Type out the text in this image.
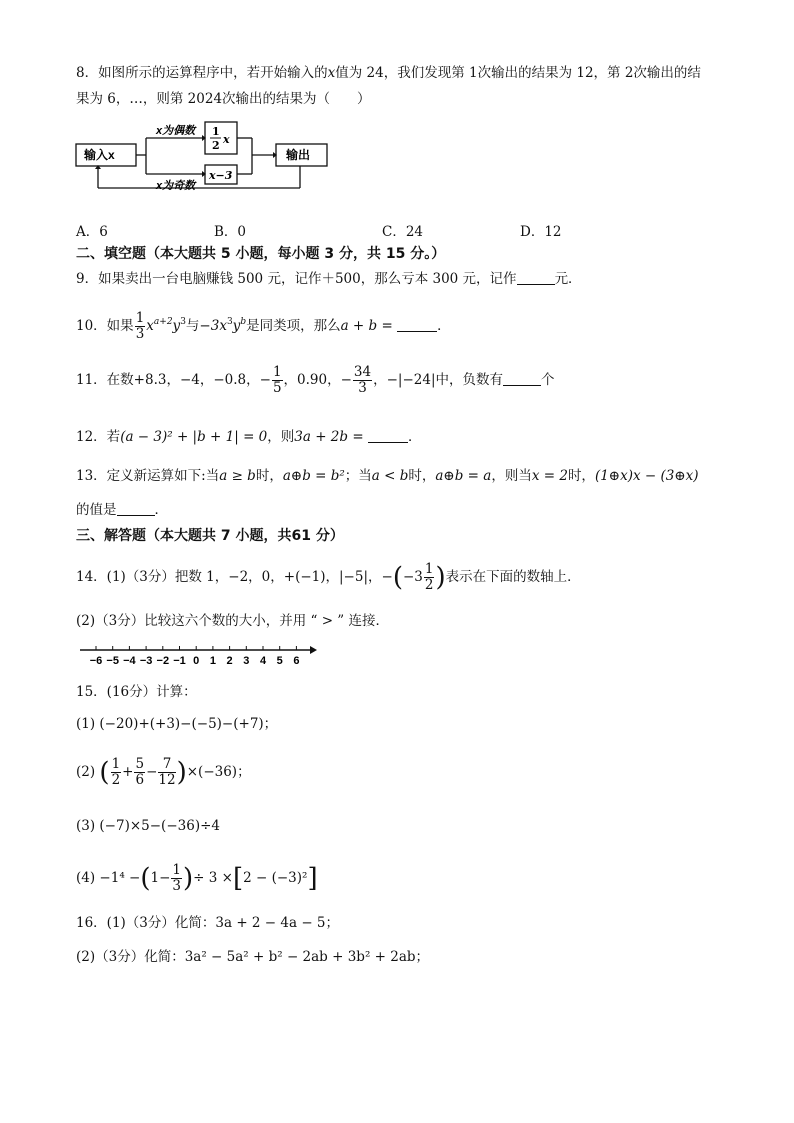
8．如图所示的运算程序中，若开始输入的x值为 24，我们发现第 1次输出的结果为 12，第 2次输出的结
果为 6，…，则第 2024次输出的结果为（　　）
输入x
x为偶数
x为奇数
1
2 x
x−3
输出
A．6	B．0	C．24	D．12
二、填空题（本大题共 5 小题，每小题 3 分，共 15 分。）
9．如果卖出一台电脑赚钱 500 元，记作＋500，那么亏本 300 元，记作	元．
10．如果 $\frac{1}{3} x^{a+2}y^3$与$-3x^3y^b$是同类项，那么a + b =	．
11．在数+8.3，−4，−0.8，− $\frac{1}{5}$ ，0.90，− $\frac{34}{3}$ ，−|−24|中，负数有	个
12．若(a − 3)² + |b + 1| = 0，则3a + 2b =	．
13．定义新运算如下:当a ≥ b时，a⊕b = b²；当a < b时，a⊕b = a，则当x = 2时，(1⊕x)x − (3⊕x)
的值是	．
三、解答题（本大题共 7 小题，共61 分）
14．(1)（3分）把数 1，−2，0，+(−1)，|−5|，$-(-3 \frac{1}{2}$ )表示在下面的数轴上．
(2)（3分）比较这六个数的大小，并用 “ > ” 连接．
−6 −5 −4 −3 −2 −1 0 1 2 3 4 5 6
15．(16分）计算：
(1) (−20)+(+3)−(−5)−(+7)；
(2) ( $\frac{1}{2} + \frac{5}{6} - \frac{7}{12} )\times(-36)$；
(3) (−7)×5−(−36)÷4
$(4) -1^4 -(1- \frac{1}{3}$ )÷ 3 ×[2 − (−3)²]
16．(1)（3分）化简：3a + 2 − 4a − 5；
(2)（3分）化简：3a² − 5a² + b² − 2ab + 3b² + 2ab；
